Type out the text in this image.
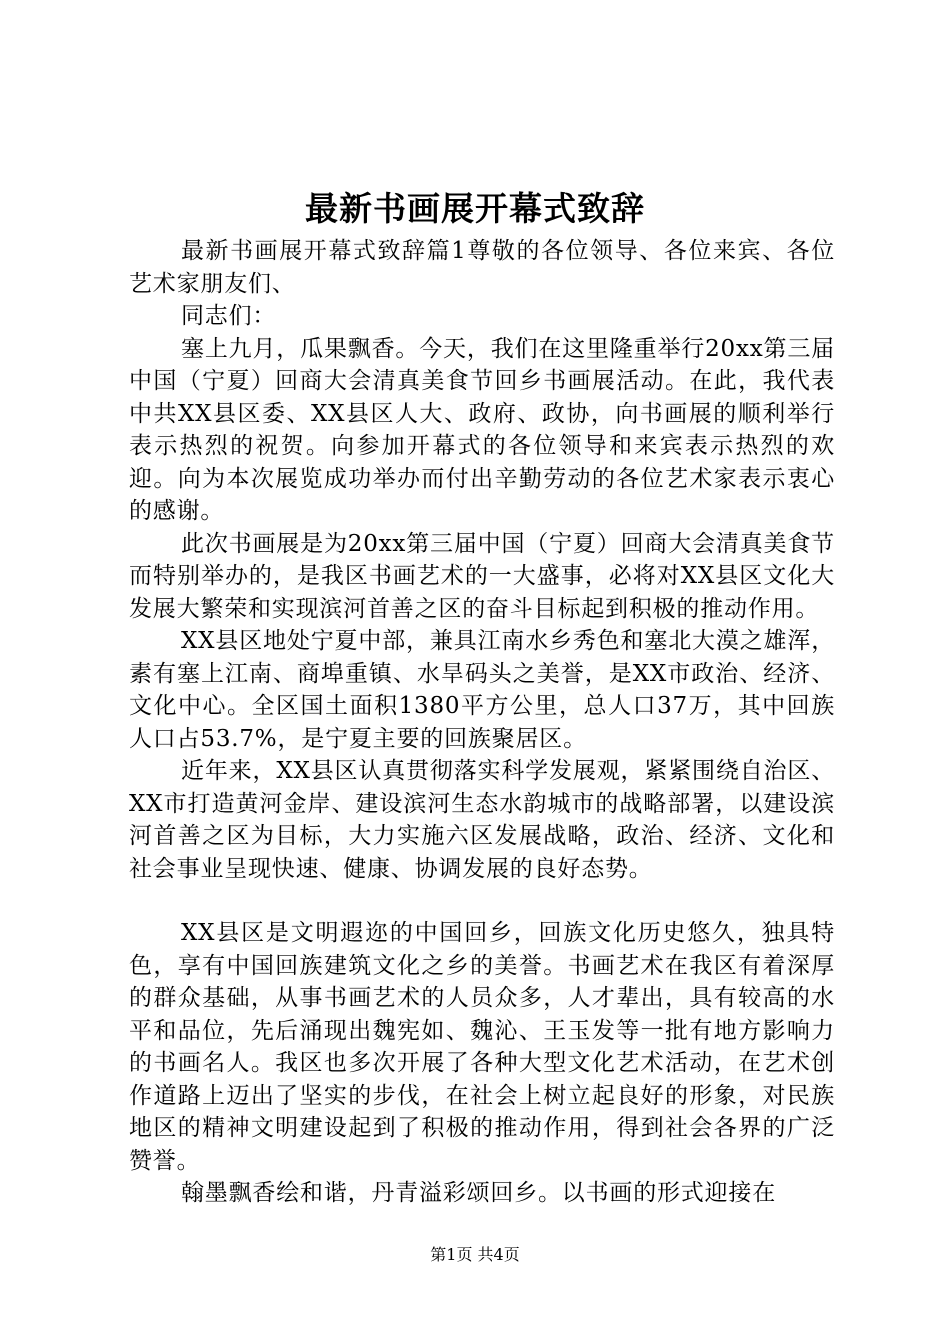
最新书画展开幕式致辞

最新书画展开幕式致辞篇1尊敬的各位领导、各位来宾、各位艺术家朋友们、

同志们：

塞上九月，瓜果飘香。今天，我们在这里隆重举行20xx第三届中国（宁夏）回商大会清真美食节回乡书画展活动。在此，我代表中共XX县区委、XX县区人大、政府、政协，向书画展的顺利举行表示热烈的祝贺。向参加开幕式的各位领导和来宾表示热烈的欢迎。向为本次展览成功举办而付出辛勤劳动的各位艺术家表示衷心的感谢。

此次书画展是为20xx第三届中国（宁夏）回商大会清真美食节而特别举办的，是我区书画艺术的一大盛事，必将对XX县区文化大发展大繁荣和实现滨河首善之区的奋斗目标起到积极的推动作用。

XX县区地处宁夏中部，兼具江南水乡秀色和塞北大漠之雄浑，素有塞上江南、商埠重镇、水旱码头之美誉，是XX市政治、经济、文化中心。全区国土面积1380平方公里，总人口37万，其中回族人口占53.7%，是宁夏主要的回族聚居区。

近年来，XX县区认真贯彻落实科学发展观，紧紧围绕自治区、XX市打造黄河金岸、建设滨河生态水韵城市的战略部署，以建设滨河首善之区为目标，大力实施六区发展战略，政治、经济、文化和社会事业呈现快速、健康、协调发展的良好态势。

XX县区是文明遐迩的中国回乡，回族文化历史悠久，独具特色，享有中国回族建筑文化之乡的美誉。书画艺术在我区有着深厚的群众基础，从事书画艺术的人员众多，人才辈出，具有较高的水平和品位，先后涌现出魏宪如、魏沁、王玉发等一批有地方影响力的书画名人。我区也多次开展了各种大型文化艺术活动，在艺术创作道路上迈出了坚实的步伐，在社会上树立起良好的形象，对民族地区的精神文明建设起到了积极的推动作用，得到社会各界的广泛赞誉。

翰墨飘香绘和谐，丹青溢彩颂回乡。以书画的形式迎接在

第1页 共4页
